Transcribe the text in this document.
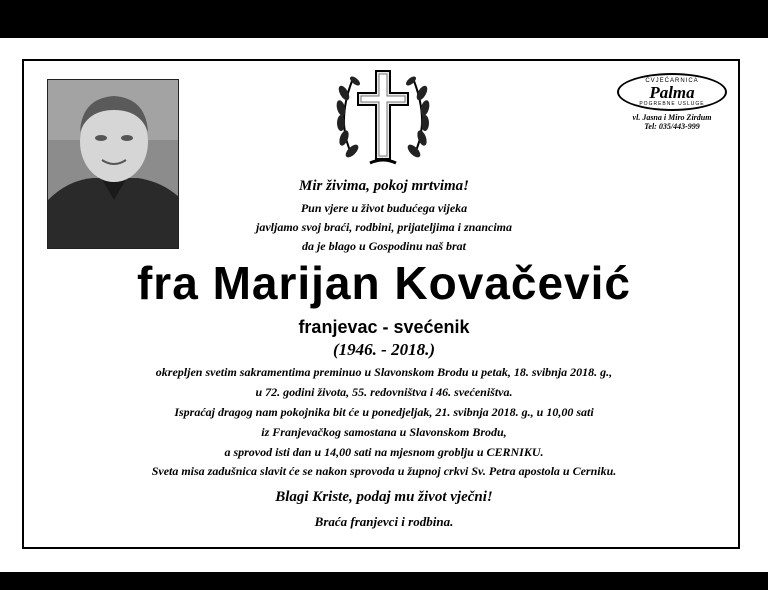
CVJEĆARNICA
Palma
POGREBNE USLUGE
vl. Jasna i Miro Zirdum
Tel: 035/443-999
Mir živima, pokoj mrtvima!
Pun vjere u život budućega vijeka
javljamo svoj braći, rodbini, prijateljima i znancima
da je blago u Gospodinu naš brat
fra Marijan Kovačević
franjevac - svećenik
(1946. - 2018.)
okrepljen svetim sakramentima preminuo u Slavonskom Brodu u petak, 18. svibnja 2018. g.,
u 72. godini života, 55. redovništva i 46. svećeništva.
Ispraćaj dragog nam pokojnika bit će u ponedjeljak, 21. svibnja 2018. g., u 10,00 sati
iz Franjevačkog samostana u Slavonskom Brodu,
a sprovod isti dan u 14,00 sati na mjesnom groblju u CERNIKU.
Sveta misa zadušnica slavit će se nakon sprovoda u župnoj crkvi Sv. Petra apostola u Cerniku.
Blagi Kriste, podaj mu život vječni!
Braća franjevci i rodbina.
